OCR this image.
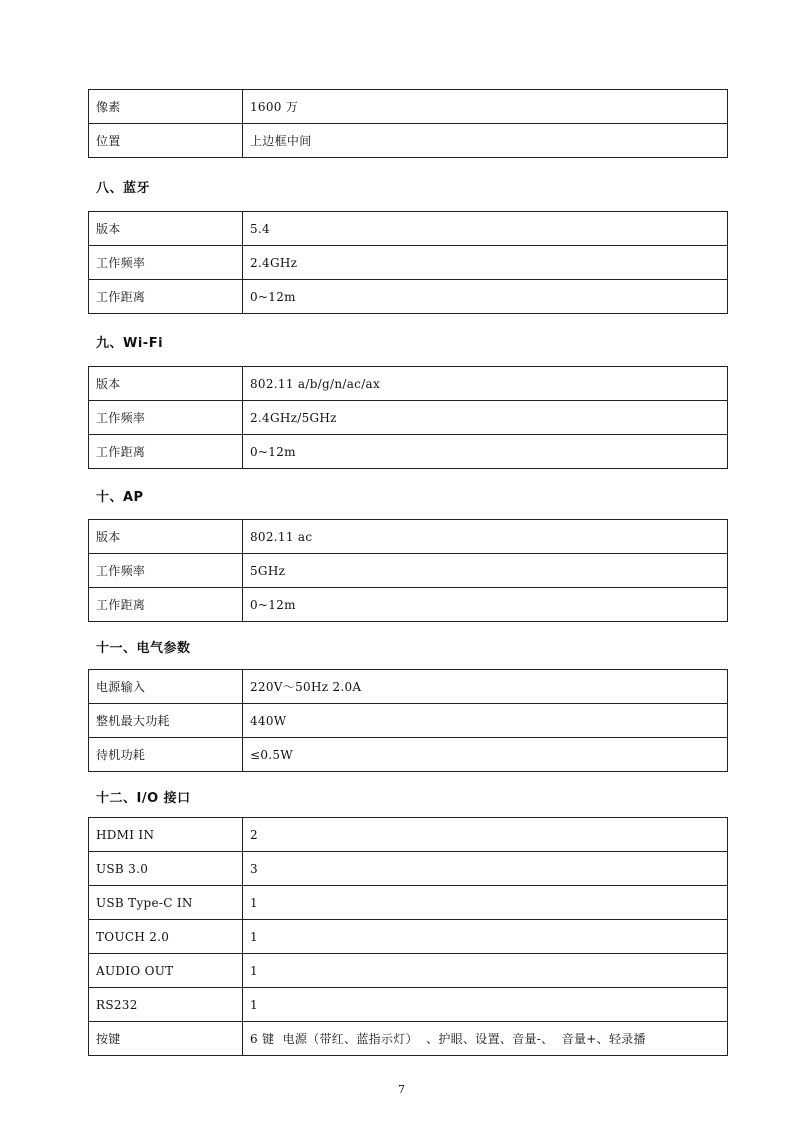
像素	1600 万
位置	上边框中间
八、蓝牙
版本	5.4
工作频率	2.4GHz
工作距离	0~12m
九、Wi-Fi
版本	802.11 a/b/g/n/ac/ax
工作频率	2.4GHz/5GHz
工作距离	0~12m
十、AP
版本	802.11 ac
工作频率	5GHz
工作距离	0~12m
十一、电气参数
电源输入	220V～50Hz 2.0A
整机最大功耗	440W
待机功耗	≤0.5W
十二、I/O 接口
HDMI IN	2
USB 3.0	3
USB Type-C IN	1
TOUCH 2.0	1
AUDIO OUT	1
RS232	1
按键	6 键  电源（带红、蓝指示灯）  、护眼、设置、音量-、  音量+、轻录播
7
